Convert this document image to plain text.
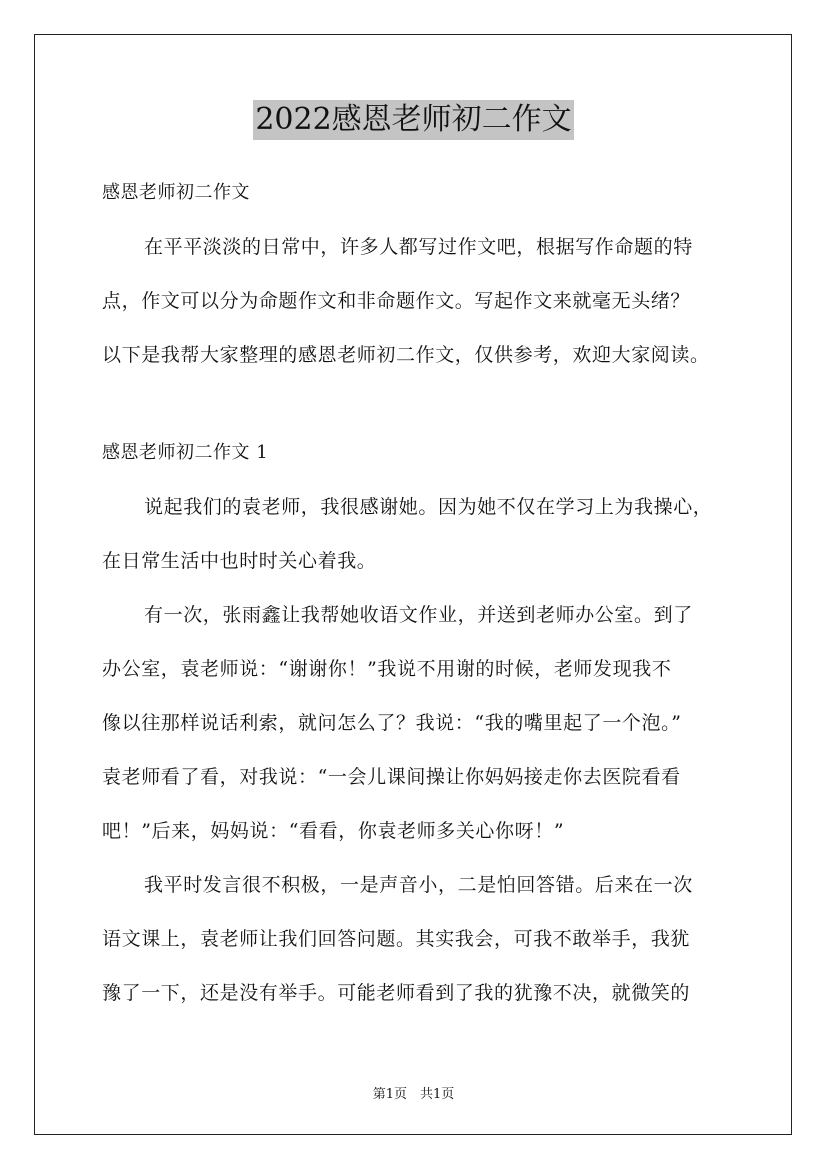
2022感恩老师初二作文
感恩老师初二作文
在平平淡淡的日常中，许多人都写过作文吧，根据写作命题的特
点，作文可以分为命题作文和非命题作文。写起作文来就毫无头绪？
以下是我帮大家整理的感恩老师初二作文，仅供参考，欢迎大家阅读。
感恩老师初二作文 1
说起我们的袁老师，我很感谢她。因为她不仅在学习上为我操心，
在日常生活中也时时关心着我。
有一次，张雨鑫让我帮她收语文作业，并送到老师办公室。到了
办公室，袁老师说：“谢谢你！”我说不用谢的时候，老师发现我不
像以往那样说话利索，就问怎么了？我说：“我的嘴里起了一个泡。”
袁老师看了看，对我说：“一会儿课间操让你妈妈接走你去医院看看
吧！”后来，妈妈说：“看看，你袁老师多关心你呀！”
我平时发言很不积极，一是声音小，二是怕回答错。后来在一次
语文课上，袁老师让我们回答问题。其实我会，可我不敢举手，我犹
豫了一下，还是没有举手。可能老师看到了我的犹豫不决，就微笑的
第1页　共1页
